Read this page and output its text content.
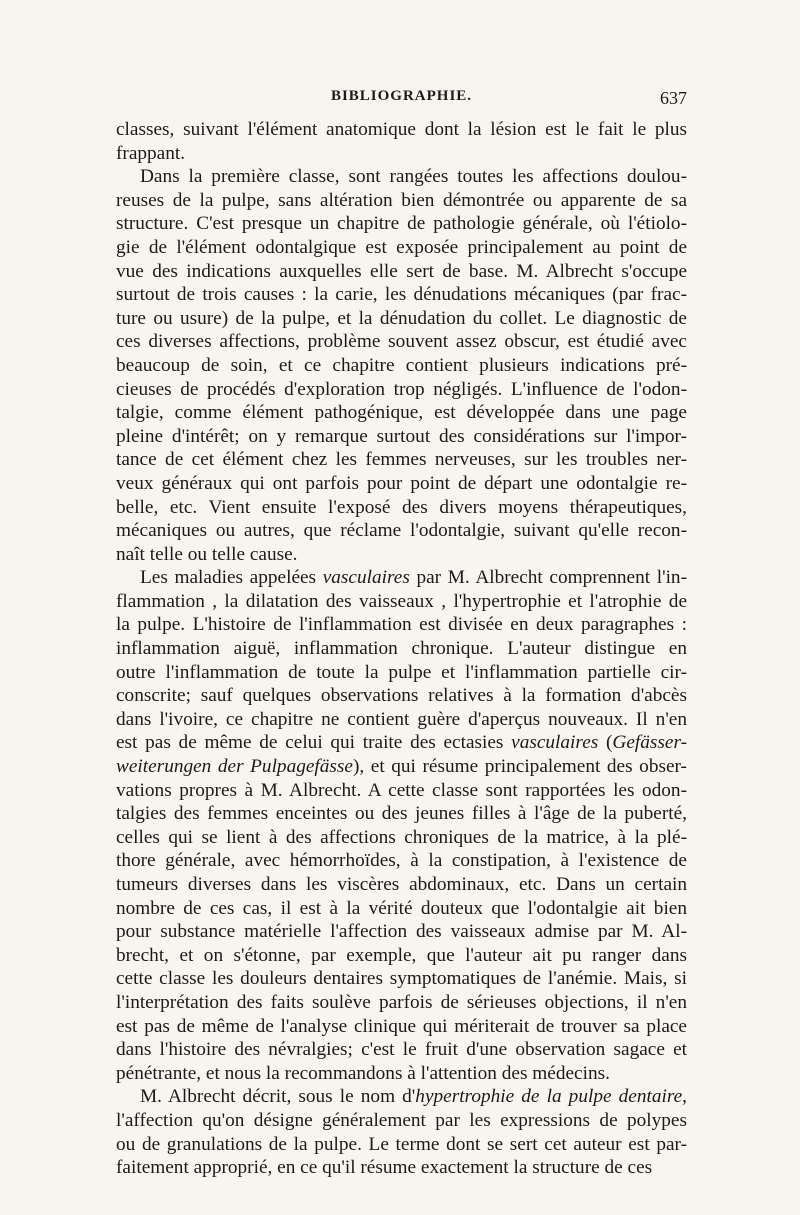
BIBLIOGRAPHIE.	637
classes, suivant l'élément anatomique dont la lésion est le fait le plus
frappant.
Dans la première classe, sont rangées toutes les affections doulou-
reuses de la pulpe, sans altération bien démontrée ou apparente de sa
structure. C'est presque un chapitre de pathologie générale, où l'étiolo-
gie de l'élément odontalgique est exposée principalement au point de
vue des indications auxquelles elle sert de base. M. Albrecht s'occupe
surtout de trois causes : la carie, les dénudations mécaniques (par frac-
ture ou usure) de la pulpe, et la dénudation du collet. Le diagnostic de
ces diverses affections, problème souvent assez obscur, est étudié avec
beaucoup de soin, et ce chapitre contient plusieurs indications pré-
cieuses de procédés d'exploration trop négligés. L'influence de l'odon-
talgie, comme élément pathogénique, est développée dans une page
pleine d'intérêt; on y remarque surtout des considérations sur l'impor-
tance de cet élément chez les femmes nerveuses, sur les troubles ner-
veux généraux qui ont parfois pour point de départ une odontalgie re-
belle, etc. Vient ensuite l'exposé des divers moyens thérapeutiques,
mécaniques ou autres, que réclame l'odontalgie, suivant qu'elle recon-
naît telle ou telle cause.
Les maladies appelées vasculaires par M. Albrecht comprennent l'in-
flammation , la dilatation des vaisseaux , l'hypertrophie et l'atrophie de
la pulpe. L'histoire de l'inflammation est divisée en deux paragraphes :
inflammation aiguë, inflammation chronique. L'auteur distingue en
outre l'inflammation de toute la pulpe et l'inflammation partielle cir-
conscrite; sauf quelques observations relatives à la formation d'abcès
dans l'ivoire, ce chapitre ne contient guère d'aperçus nouveaux. Il n'en
est pas de même de celui qui traite des ectasies vasculaires (Gefässer-
weiterungen der Pulpagefässe), et qui résume principalement des obser-
vations propres à M. Albrecht. A cette classe sont rapportées les odon-
talgies des femmes enceintes ou des jeunes filles à l'âge de la puberté,
celles qui se lient à des affections chroniques de la matrice, à la plé-
thore générale, avec hémorrhoïdes, à la constipation, à l'existence de
tumeurs diverses dans les viscères abdominaux, etc. Dans un certain
nombre de ces cas, il est à la vérité douteux que l'odontalgie ait bien
pour substance matérielle l'affection des vaisseaux admise par M. Al-
brecht, et on s'étonne, par exemple, que l'auteur ait pu ranger dans
cette classe les douleurs dentaires symptomatiques de l'anémie. Mais, si
l'interprétation des faits soulève parfois de sérieuses objections, il n'en
est pas de même de l'analyse clinique qui mériterait de trouver sa place
dans l'histoire des névralgies; c'est le fruit d'une observation sagace et
pénétrante, et nous la recommandons à l'attention des médecins.
M. Albrecht décrit, sous le nom d'hypertrophie de la pulpe dentaire,
l'affection qu'on désigne généralement par les expressions de polypes
ou de granulations de la pulpe. Le terme dont se sert cet auteur est par-
faitement approprié, en ce qu'il résume exactement la structure de ces
